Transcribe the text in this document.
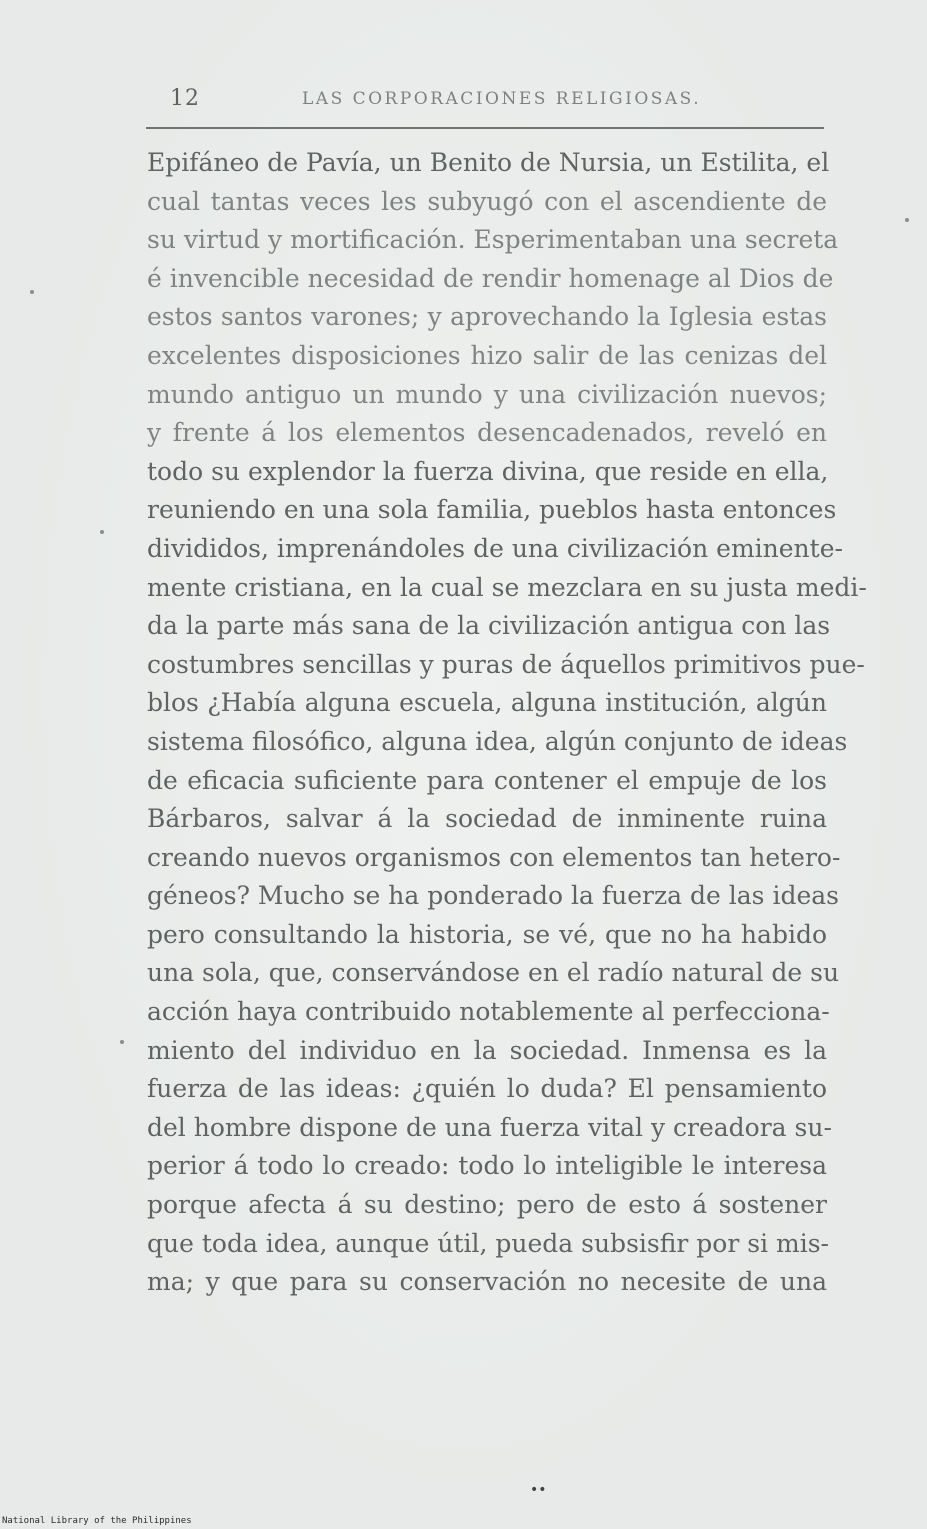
12	LAS CORPORACIONES RELIGIOSAS.
Epifáneo de Pavía, un Benito de Nursia, un Estilita, el
cual tantas veces les subyugó con el ascendiente de
su virtud y mortificación. Esperimentaban una secreta
é invencible necesidad de rendir homenage al Dios de
estos santos varones; y aprovechando la Iglesia estas
excelentes disposiciones hizo salir de las cenizas del
mundo antiguo un mundo y una civilización nuevos;
y frente á los elementos desencadenados, reveló en
todo su explendor la fuerza divina, que reside en ella,
reuniendo en una sola familia, pueblos hasta entonces
divididos, imprenándoles de una civilización eminente-
mente cristiana, en la cual se mezclara en su justa medi-
da la parte más sana de la civilización antigua con las
costumbres sencillas y puras de áquellos primitivos pue-
blos ¿Había alguna escuela, alguna institución, algún
sistema filosófico, alguna idea, algún conjunto de ideas
de eficacia suficiente para contener el empuje de los
Bárbaros, salvar á la sociedad de inminente ruina
creando nuevos organismos con elementos tan hetero-
géneos? Mucho se ha ponderado la fuerza de las ideas
pero consultando la historia, se vé, que no ha habido
una sola, que, conservándose en el radío natural de su
acción haya contribuido notablemente al perfecciona-
miento del individuo en la sociedad. Inmensa es la
fuerza de las ideas: ¿quién lo duda? El pensamiento
del hombre dispone de una fuerza vital y creadora su-
perior á todo lo creado: todo lo inteligible le interesa
porque afecta á su destino; pero de esto á sostener
que toda idea, aunque útil, pueda subsisfir por si mis-
ma; y que para su conservación no necesite de una
••
National Library of the Philippines
